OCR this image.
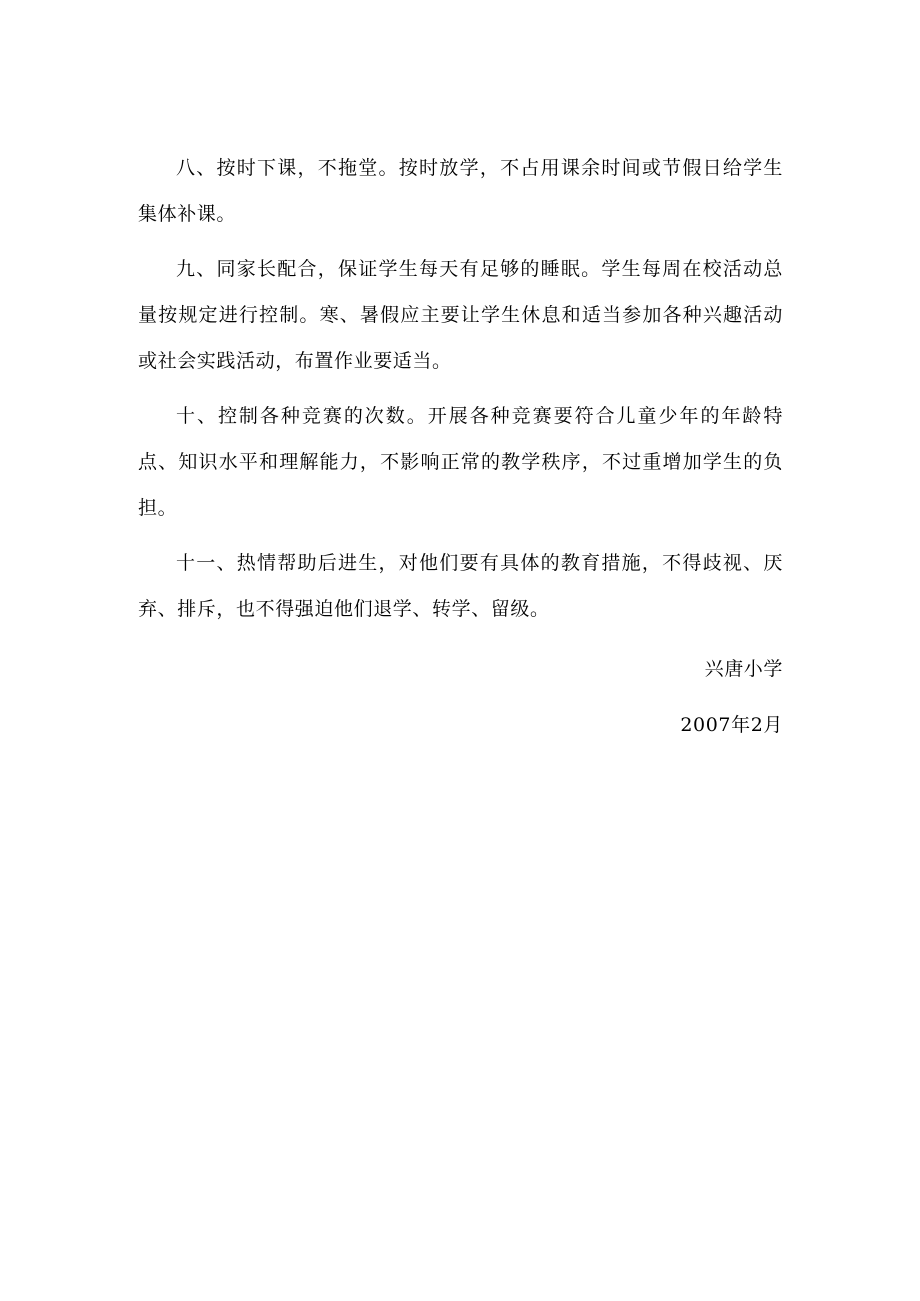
八、按时下课，不拖堂。按时放学，不占用课余时间或节假日给学生集体补课。

九、同家长配合，保证学生每天有足够的睡眠。学生每周在校活动总量按规定进行控制。寒、暑假应主要让学生休息和适当参加各种兴趣活动或社会实践活动，布置作业要适当。

十、控制各种竞赛的次数。开展各种竞赛要符合儿童少年的年龄特点、知识水平和理解能力，不影响正常的教学秩序，不过重增加学生的负担。

十一、热情帮助后进生，对他们要有具体的教育措施，不得歧视、厌弃、排斥，也不得强迫他们退学、转学、留级。

兴唐小学

2007年2月
